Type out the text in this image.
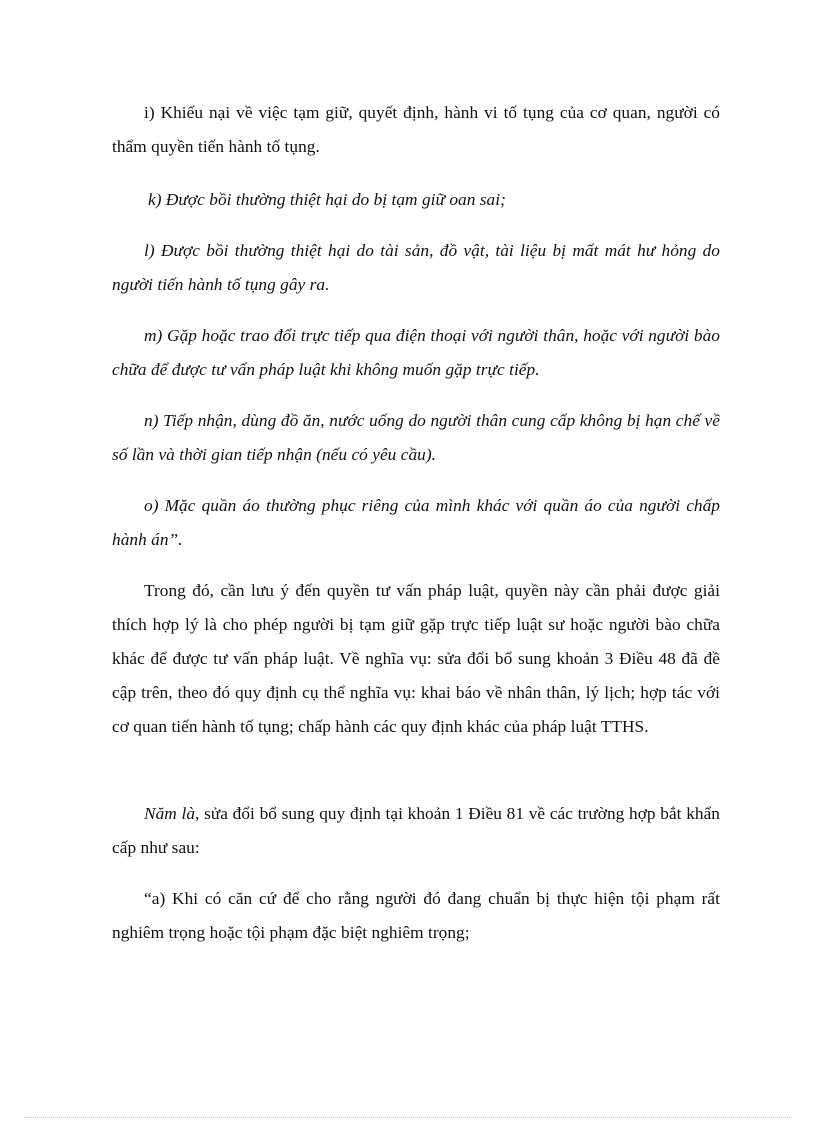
i) Khiếu nại về việc tạm giữ, quyết định, hành vi tố tụng của cơ quan, người có thẩm quyền tiến hành tố tụng.

k) Được bồi thường thiệt hại do bị tạm giữ oan sai;

l) Được bồi thường thiệt hại do tài sản, đồ vật, tài liệu bị mất mát hư hỏng do người tiến hành tố tụng gây ra.

m) Gặp hoặc trao đổi trực tiếp qua điện thoại với người thân, hoặc với người bào chữa để được tư vấn pháp luật khi không muốn gặp trực tiếp.

n) Tiếp nhận, dùng đồ ăn, nước uống do người thân cung cấp không bị hạn chế về số lần và thời gian tiếp nhận (nếu có yêu cầu).

o) Mặc quần áo thường phục riêng của mình khác với quần áo của người chấp hành án”.

Trong đó, cần lưu ý đến quyền tư vấn pháp luật, quyền này cần phải được giải thích hợp lý là cho phép người bị tạm giữ gặp trực tiếp luật sư hoặc người bào chữa khác để được tư vấn pháp luật. Về nghĩa vụ: sửa đổi bổ sung khoản 3 Điều 48 đã đề cập trên, theo đó quy định cụ thể nghĩa vụ: khai báo về nhân thân, lý lịch; hợp tác với cơ quan tiến hành tố tụng; chấp hành các quy định khác của pháp luật TTHS.

Năm là, sửa đổi bổ sung quy định tại khoản 1 Điều 81 về các trường hợp bắt khẩn cấp như sau:

“a) Khi có căn cứ để cho rằng người đó đang chuẩn bị thực hiện tội phạm rất nghiêm trọng hoặc tội phạm đặc biệt nghiêm trọng;
